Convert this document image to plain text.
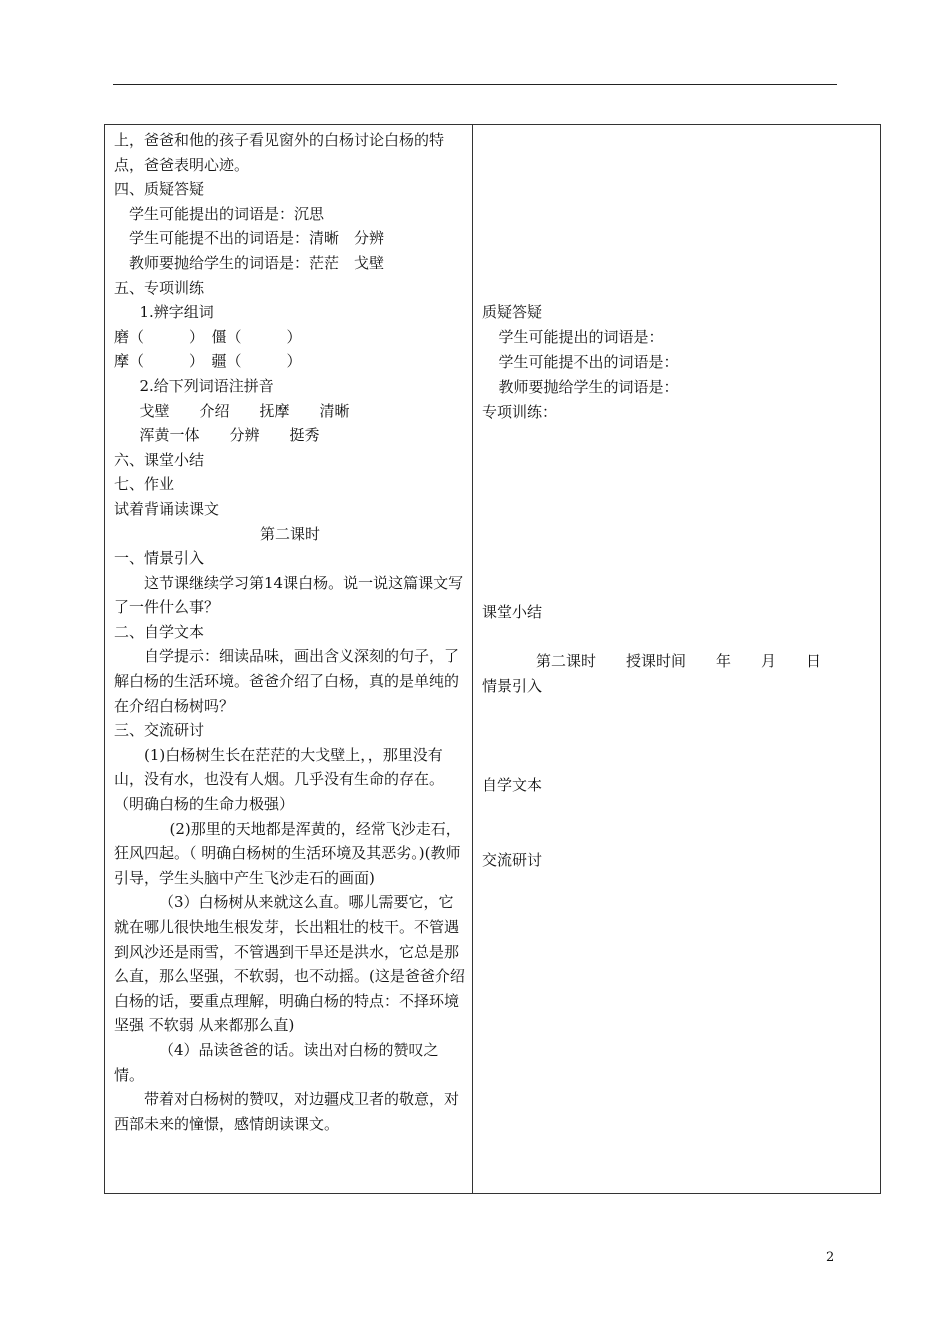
上，爸爸和他的孩子看见窗外的白杨讨论白杨的特点，爸爸表明心迹。

四、质疑答疑

学生可能提出的词语是：沉思

学生可能提不出的词语是：清晰　分辨

教师要抛给学生的词语是：茫茫　戈壁

五、专项训练

1.辨字组词

磨（　　　）　僵（　　　）

摩（　　　）　疆（　　　）

2.给下列词语注拼音

戈壁　　介绍　　抚摩　　清晰

浑黄一体　　分辨　　挺秀

六、课堂小结

七、作业

试着背诵读课文

第二课时

一、情景引入

这节课继续学习第14课白杨。说一说这篇课文写了一件什么事？

二、自学文本

自学提示：细读品味，画出含义深刻的句子，了解白杨的生活环境。爸爸介绍了白杨，真的是单纯的在介绍白杨树吗？

三、交流研讨

(1)白杨树生长在茫茫的大戈壁上，，那里没有山，没有水，也没有人烟。几乎没有生命的存在。（明确白杨的生命力极强）

(2)那里的天地都是浑黄的，经常飞沙走石，狂风四起。（ 明确白杨树的生活环境及其恶劣。)(教师引导，学生头脑中产生飞沙走石的画面)

（3）白杨树从来就这么直。哪儿需要它，它就在哪儿很快地生根发芽，长出粗壮的枝干。不管遇到风沙还是雨雪，不管遇到干旱还是洪水，它总是那么直，那么坚强，不软弱，也不动摇。(这是爸爸介绍白杨的话，要重点理解，明确白杨的特点：不择环境 坚强 不软弱 从来都那么直)

（4）品读爸爸的话。读出对白杨的赞叹之情。

带着对白杨树的赞叹，对边疆戍卫者的敬意，对西部未来的憧憬，感情朗读课文。

质疑答疑
学生可能提出的词语是：
学生可能提不出的词语是：
教师要抛给学生的词语是：
专项训练：
课堂小结
第二课时　　授课时间　　年　　月　　日
情景引入
自学文本
交流研讨
2
